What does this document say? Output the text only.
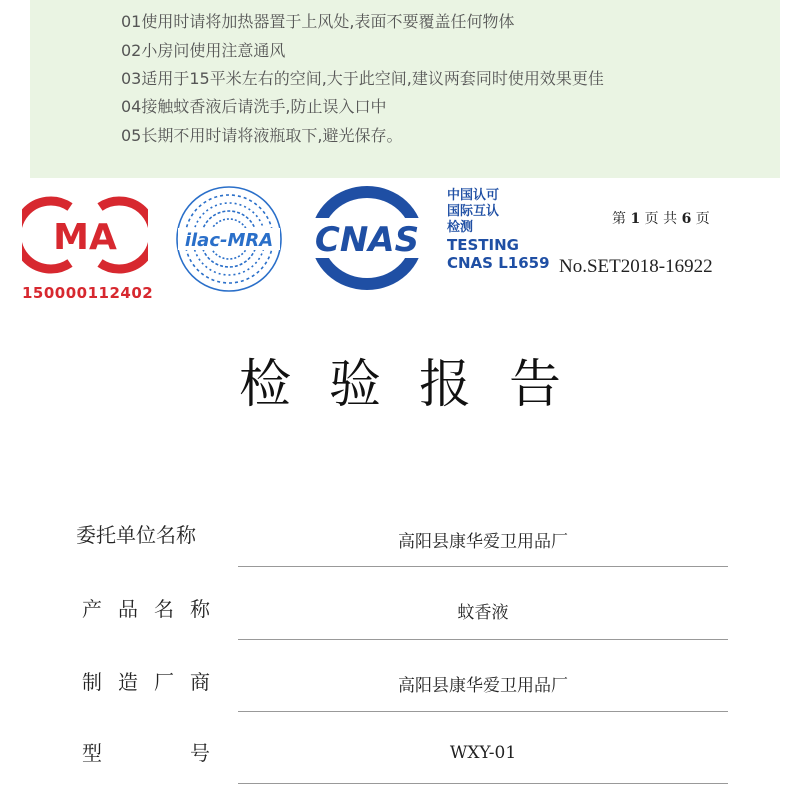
01使用时请将加热器置于上风处,表面不要覆盖任何物体
02小房问使用注意通风
03适用于15平米左右的空间,大于此空间,建议两套同时使用效果更佳
04接触蚊香液后请洗手,防止误入口中
05长期不用时请将液瓶取下,避光保存。
MA
150000112402
ilac-MRA CNAS
中国认可
国际互认
检测
TESTING
CNAS L1659
第 1 页 共 6 页
No.SET2018-16922
检验报告
委托单位名称	高阳县康华爱卫用品厂
产品名称	蚊香液
制造厂商	高阳县康华爱卫用品厂
型号	WXY-01
